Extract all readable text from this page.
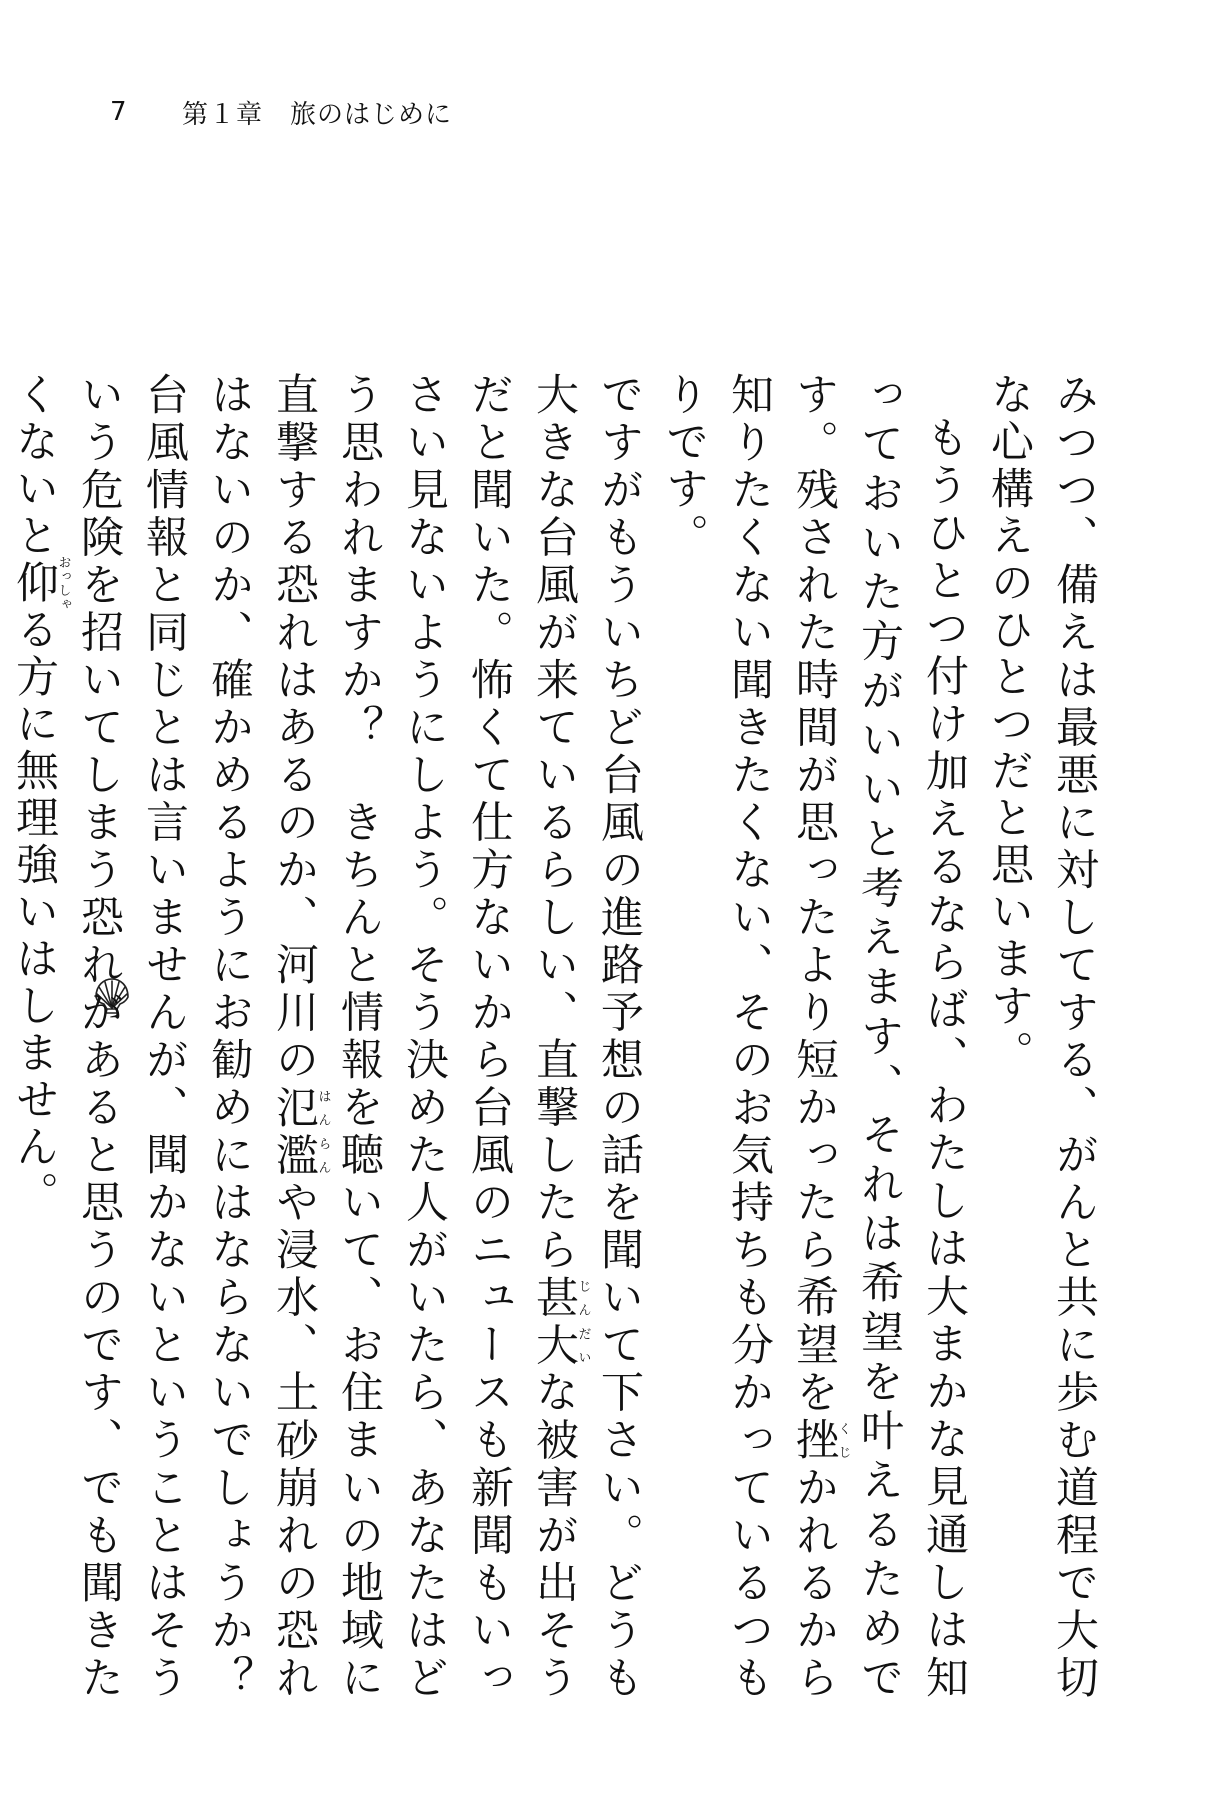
7	第１章　旅のはじめに

みつつ、備えは最悪に対してする、がんと共に歩む道程で大切な心構えのひとつだと思います。

もうひとつ付け加えるならば、わたしは大まかな見通しは知っておいた方がいいと考えます、それは希望を叶えるためです。残された時間が思ったより短かったら希望を挫くじかれるから知りたくない聞きたくない、そのお気持ちも分かっているつもりです。

ですがもういちど台風の進路予想の話を聞いて下さい。どうも大きな台風が来ているらしい、直撃したら甚大じんだいな被害が出そうだと聞いた。怖くて仕方ないから台風のニュースも新聞もいっさい見ないようにしよう。そう決めた人がいたら、あなたはどう思われますか？　きちんと情報を聴いて、お住まいの地域に直撃する恐れはあるのか、河川の氾濫はんらんや浸水、土砂崩れの恐れはないのか、確かめるようにお勧めにはならないでしょうか？　台風情報と同じとは言いませんが、聞かないということはそういう危険を招いてしまう恐れがあると思うのです、でも聞きたくないと仰おっしゃる方に無理強いはしません。
